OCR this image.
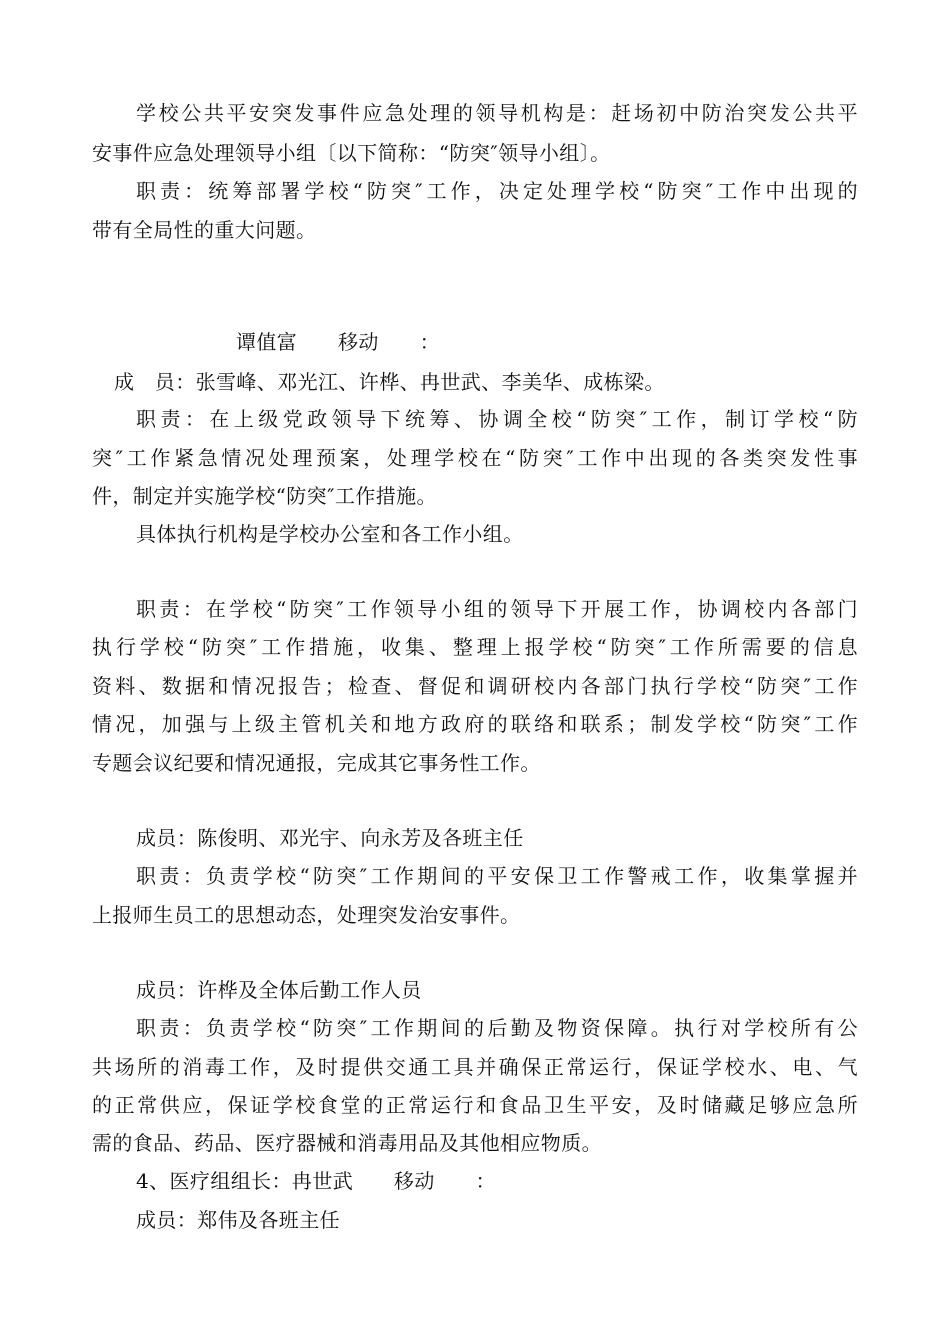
学校公共平安突发事件应急处理的领导机构是：赶场初中防治突发公共平
安事件应急处理领导小组〔以下简称：“防突″领导小组〕。
职责：统筹部署学校“防突″工作，决定处理学校“防突″工作中出现的
带有全局性的重大问题。
谭值富　　移动　　：
成　员：张雪峰、邓光江、许桦、冉世武、李美华、成栋梁。
职责：在上级党政领导下统筹、协调全校“防突″工作，制订学校“防
突″工作紧急情况处理预案，处理学校在“防突″工作中出现的各类突发性事
件，制定并实施学校“防突″工作措施。
具体执行机构是学校办公室和各工作小组。
职责：在学校“防突″工作领导小组的领导下开展工作，协调校内各部门
执行学校“防突″工作措施，收集、整理上报学校“防突″工作所需要的信息
资料、数据和情况报告；检查、督促和调研校内各部门执行学校“防突″工作
情况，加强与上级主管机关和地方政府的联络和联系；制发学校“防突″工作
专题会议纪要和情况通报，完成其它事务性工作。
成员：陈俊明、邓光宇、向永芳及各班主任
职责：负责学校“防突″工作期间的平安保卫工作警戒工作，收集掌握并
上报师生员工的思想动态，处理突发治安事件。
成员：许桦及全体后勤工作人员
职责：负责学校“防突″工作期间的后勤及物资保障。执行对学校所有公
共场所的消毒工作，及时提供交通工具并确保正常运行，保证学校水、电、气
的正常供应，保证学校食堂的正常运行和食品卫生平安，及时储藏足够应急所
需的食品、药品、医疗器械和消毒用品及其他相应物质。
4、医疗组组长：冉世武　　移动　　：
成员：郑伟及各班主任
